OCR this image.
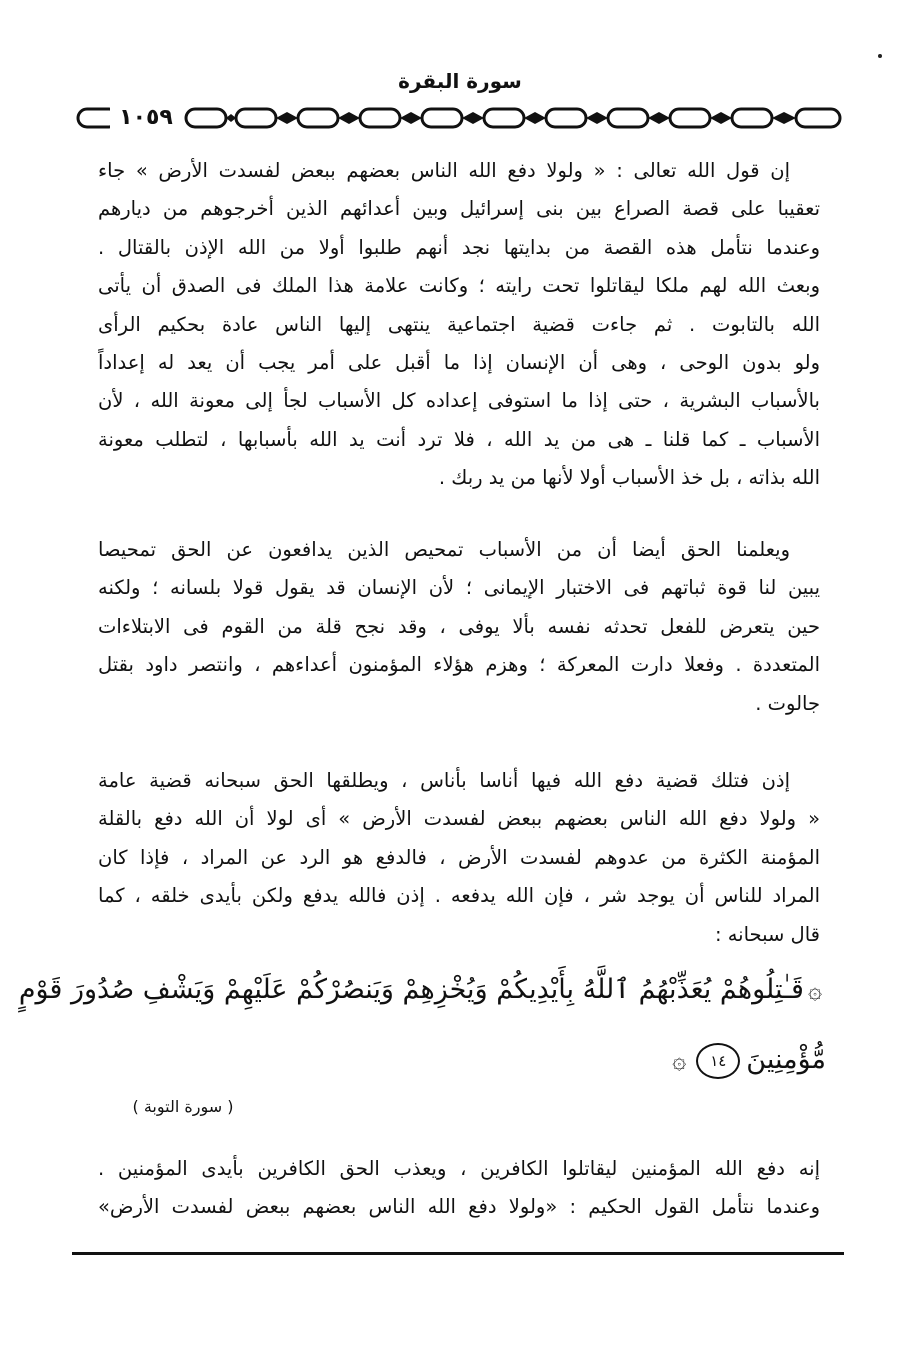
سورة البقرة
١٠٥٩

إن قول الله تعالى : « ولولا دفع الله الناس بعضهم ببعض لفسدت الأرض » جاء
تعقيبا على قصة الصراع بين بنى إسرائيل وبين أعدائهم الذين أخرجوهم من ديارهم
وعندما نتأمل هذه القصة من بدايتها نجد أنهم طلبوا أولا من الله الإذن بالقتال .
وبعث الله لهم ملكا ليقاتلوا تحت رايته ؛ وكانت علامة هذا الملك فى الصدق أن يأتى
الله بالتابوت . ثم جاءت قضية اجتماعية ينتهى إليها الناس عادة بحكيم الرأى
ولو بدون الوحى ، وهى أن الإنسان إذا ما أقبل على أمر يجب أن يعد له إعداداً
بالأسباب البشرية ، حتى إذا ما استوفى إعداده كل الأسباب لجأ إلى معونة الله ، لأن
الأسباب ـ كما قلنا ـ هى من يد الله ، فلا ترد أنت يد الله بأسبابها ، لتطلب معونة
الله بذاته ، بل خذ الأسباب أولا لأنها من يد ربك .

ويعلمنا الحق أيضا أن من الأسباب تمحيص الذين يدافعون عن الحق تمحيصا
يبين لنا قوة ثباتهم فى الاختبار الإيمانى ؛ لأن الإنسان قد يقول قولا بلسانه ؛ ولكنه
حين يتعرض للفعل تحدثه نفسه بألا يوفى ، وقد نجح قلة من القوم فى الابتلاءات
المتعددة . وفعلا دارت المعركة ؛ وهزم هؤلاء المؤمنون أعداءهم ، وانتصر داود بقتل
جالوت .

إذن فتلك قضية دفع الله فيها أناسا بأناس ، ويطلقها الحق سبحانه قضية عامة
« ولولا دفع الله الناس بعضهم ببعض لفسدت الأرض » أى لولا أن الله دفع بالقلة
المؤمنة الكثرة من عدوهم لفسدت الأرض ، فالدفع هو الرد عن المراد ، فإذا كان
المراد للناس أن يوجد شر ، فإن الله يدفعه . إذن فالله يدفع ولكن بأيدى خلقه ، كما
قال سبحانه :

۞قَـٰتِلُوهُمْ يُعَذِّبْهُمُ ٱللَّهُ بِأَيْدِيكُمْ وَيُخْزِهِمْ وَيَنصُرْكُمْ عَلَيْهِمْ وَيَشْفِ صُدُورَ قَوْمٍ
مُّؤْمِنِينَ١٤۞
( سورة التوبة )

إنه دفع الله المؤمنين ليقاتلوا الكافرين ، ويعذب الحق الكافرين بأيدى المؤمنين .
وعندما نتأمل القول الحكيم : «ولولا دفع الله الناس بعضهم ببعض لفسدت الأرض»
